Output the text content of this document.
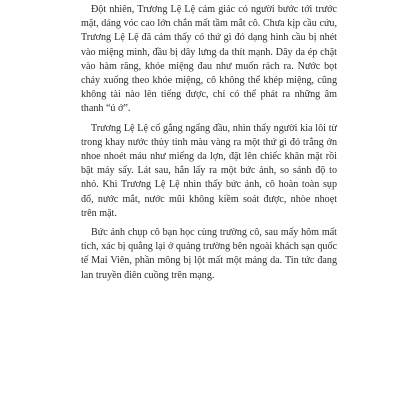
Đột nhiên, Trương Lệ Lệ cảm giác có người bước tới trước mặt, dáng vóc cao lớn chắn mất tầm mắt cô. Chưa kịp cầu cứu, Trương Lệ Lệ đã cảm thấy có thứ gì đó dạng hình cầu bị nhét vào miệng mình, đầu bị dây lưng da thít mạnh. Dây da ép chặt vào hàm răng, khóe miệng đau như muốn rách ra. Nước bọt chảy xuống theo khóe miệng, cô không thể khép miệng, cũng không tài nào lên tiếng được, chỉ có thể phát ra những âm thanh “ú ớ”.

Trương Lệ Lệ cố gắng ngẩng đầu, nhìn thấy người kia lôi từ trong khay nước thủy tinh màu vàng ra một thứ gì đó trắng ởn nhoe nhoét máu như miếng da lợn, đặt lên chiếc khăn mặt rồi bật máy sấy. Lát sau, hắn lấy ra một bức ảnh, so sánh độ to nhỏ. Khi Trương Lệ Lệ nhìn thấy bức ảnh, cô hoàn toàn sụp đổ, nước mắt, nước mũi không kiềm soát được, nhòe nhoẹt trên mặt.

Bức ảnh chụp cô bạn học cùng trường cô, sau mấy hôm mất tích, xác bị quẳng lại ở quảng trường bên ngoài khách sạn quốc tế Mai Viên, phần mông bị lột mất một mảng da. Tin tức đang lan truyền điên cuồng trên mạng.
